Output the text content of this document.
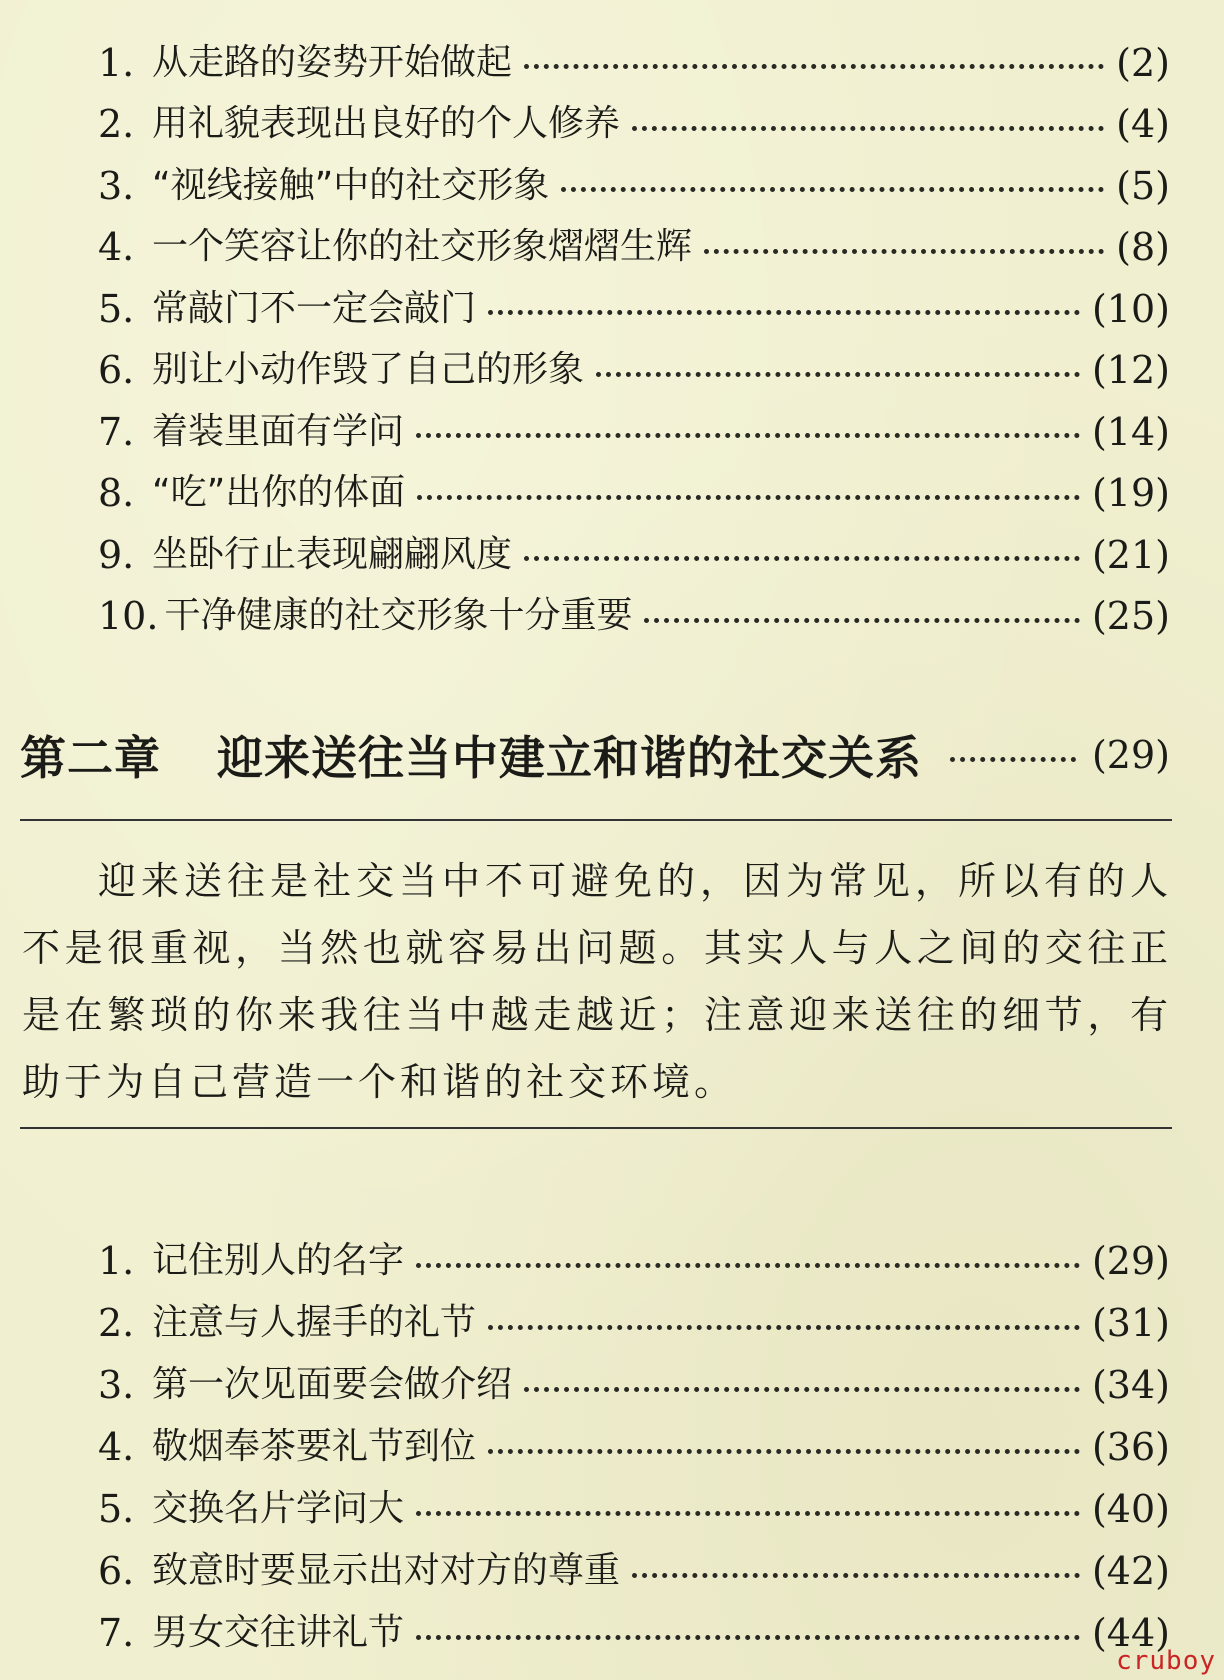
1. 从走路的姿势开始做起	(2)
2. 用礼貌表现出良好的个人修养	(4)
3. “视线接触”中的社交形象	(5)
4. 一个笑容让你的社交形象熠熠生辉	(8)
5. 常敲门不一定会敲门	(10)
6. 别让小动作毁了自己的形象	(12)
7. 着装里面有学问	(14)
8. “吃”出你的体面	(19)
9. 坐卧行止表现翩翩风度	(21)
10. 干净健康的社交形象十分重要	(25)
第二章 迎来送往当中建立和谐的社交关系	(29)

迎来送往是社交当中不可避免的，因为常见，所以有的人不是很重视，当然也就容易出问题。其实人与人之间的交往正是在繁琐的你来我往当中越走越近；注意迎来送往的细节，有助于为自己营造一个和谐的社交环境。

1. 记住别人的名字	(29)
2. 注意与人握手的礼节	(31)
3. 第一次见面要会做介绍	(34)
4. 敬烟奉茶要礼节到位	(36)
5. 交换名片学问大	(40)
6. 致意时要显示出对对方的尊重	(42)
7. 男女交往讲礼节	(44)
cruboy
